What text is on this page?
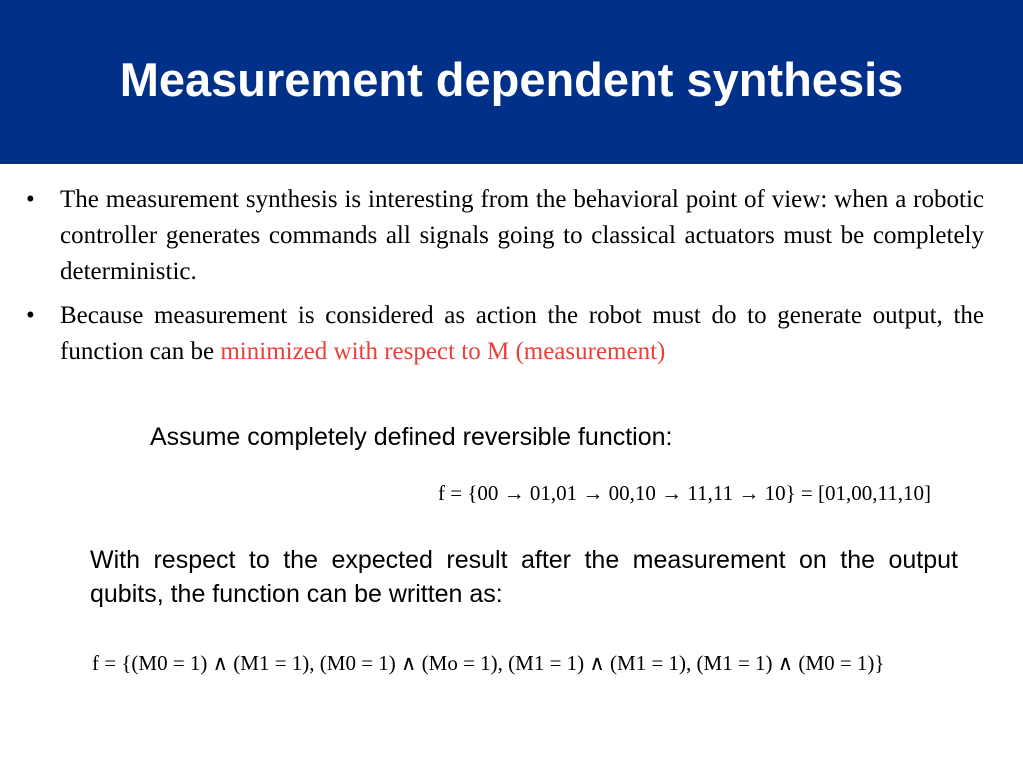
Measurement dependent synthesis
• The measurement synthesis is interesting from the behavioral point of view: when a robotic controller generates commands all signals going to classical actuators must be completely deterministic.
• Because measurement is considered as action the robot must do to generate output, the function can be minimized with respect to M (measurement)
Assume completely defined reversible function:
f = {00 → 01,01 → 00,10 → 11,11 → 10} = [01,00,11,10]
With respect to the expected result after the measurement on the output qubits, the function can be written as:
f = {(M0 = 1) ∧ (M1 = 1), (M0 = 1) ∧ (Mo = 1), (M1 = 1) ∧ (M1 = 1), (M1 = 1) ∧ (M0 = 1)}
